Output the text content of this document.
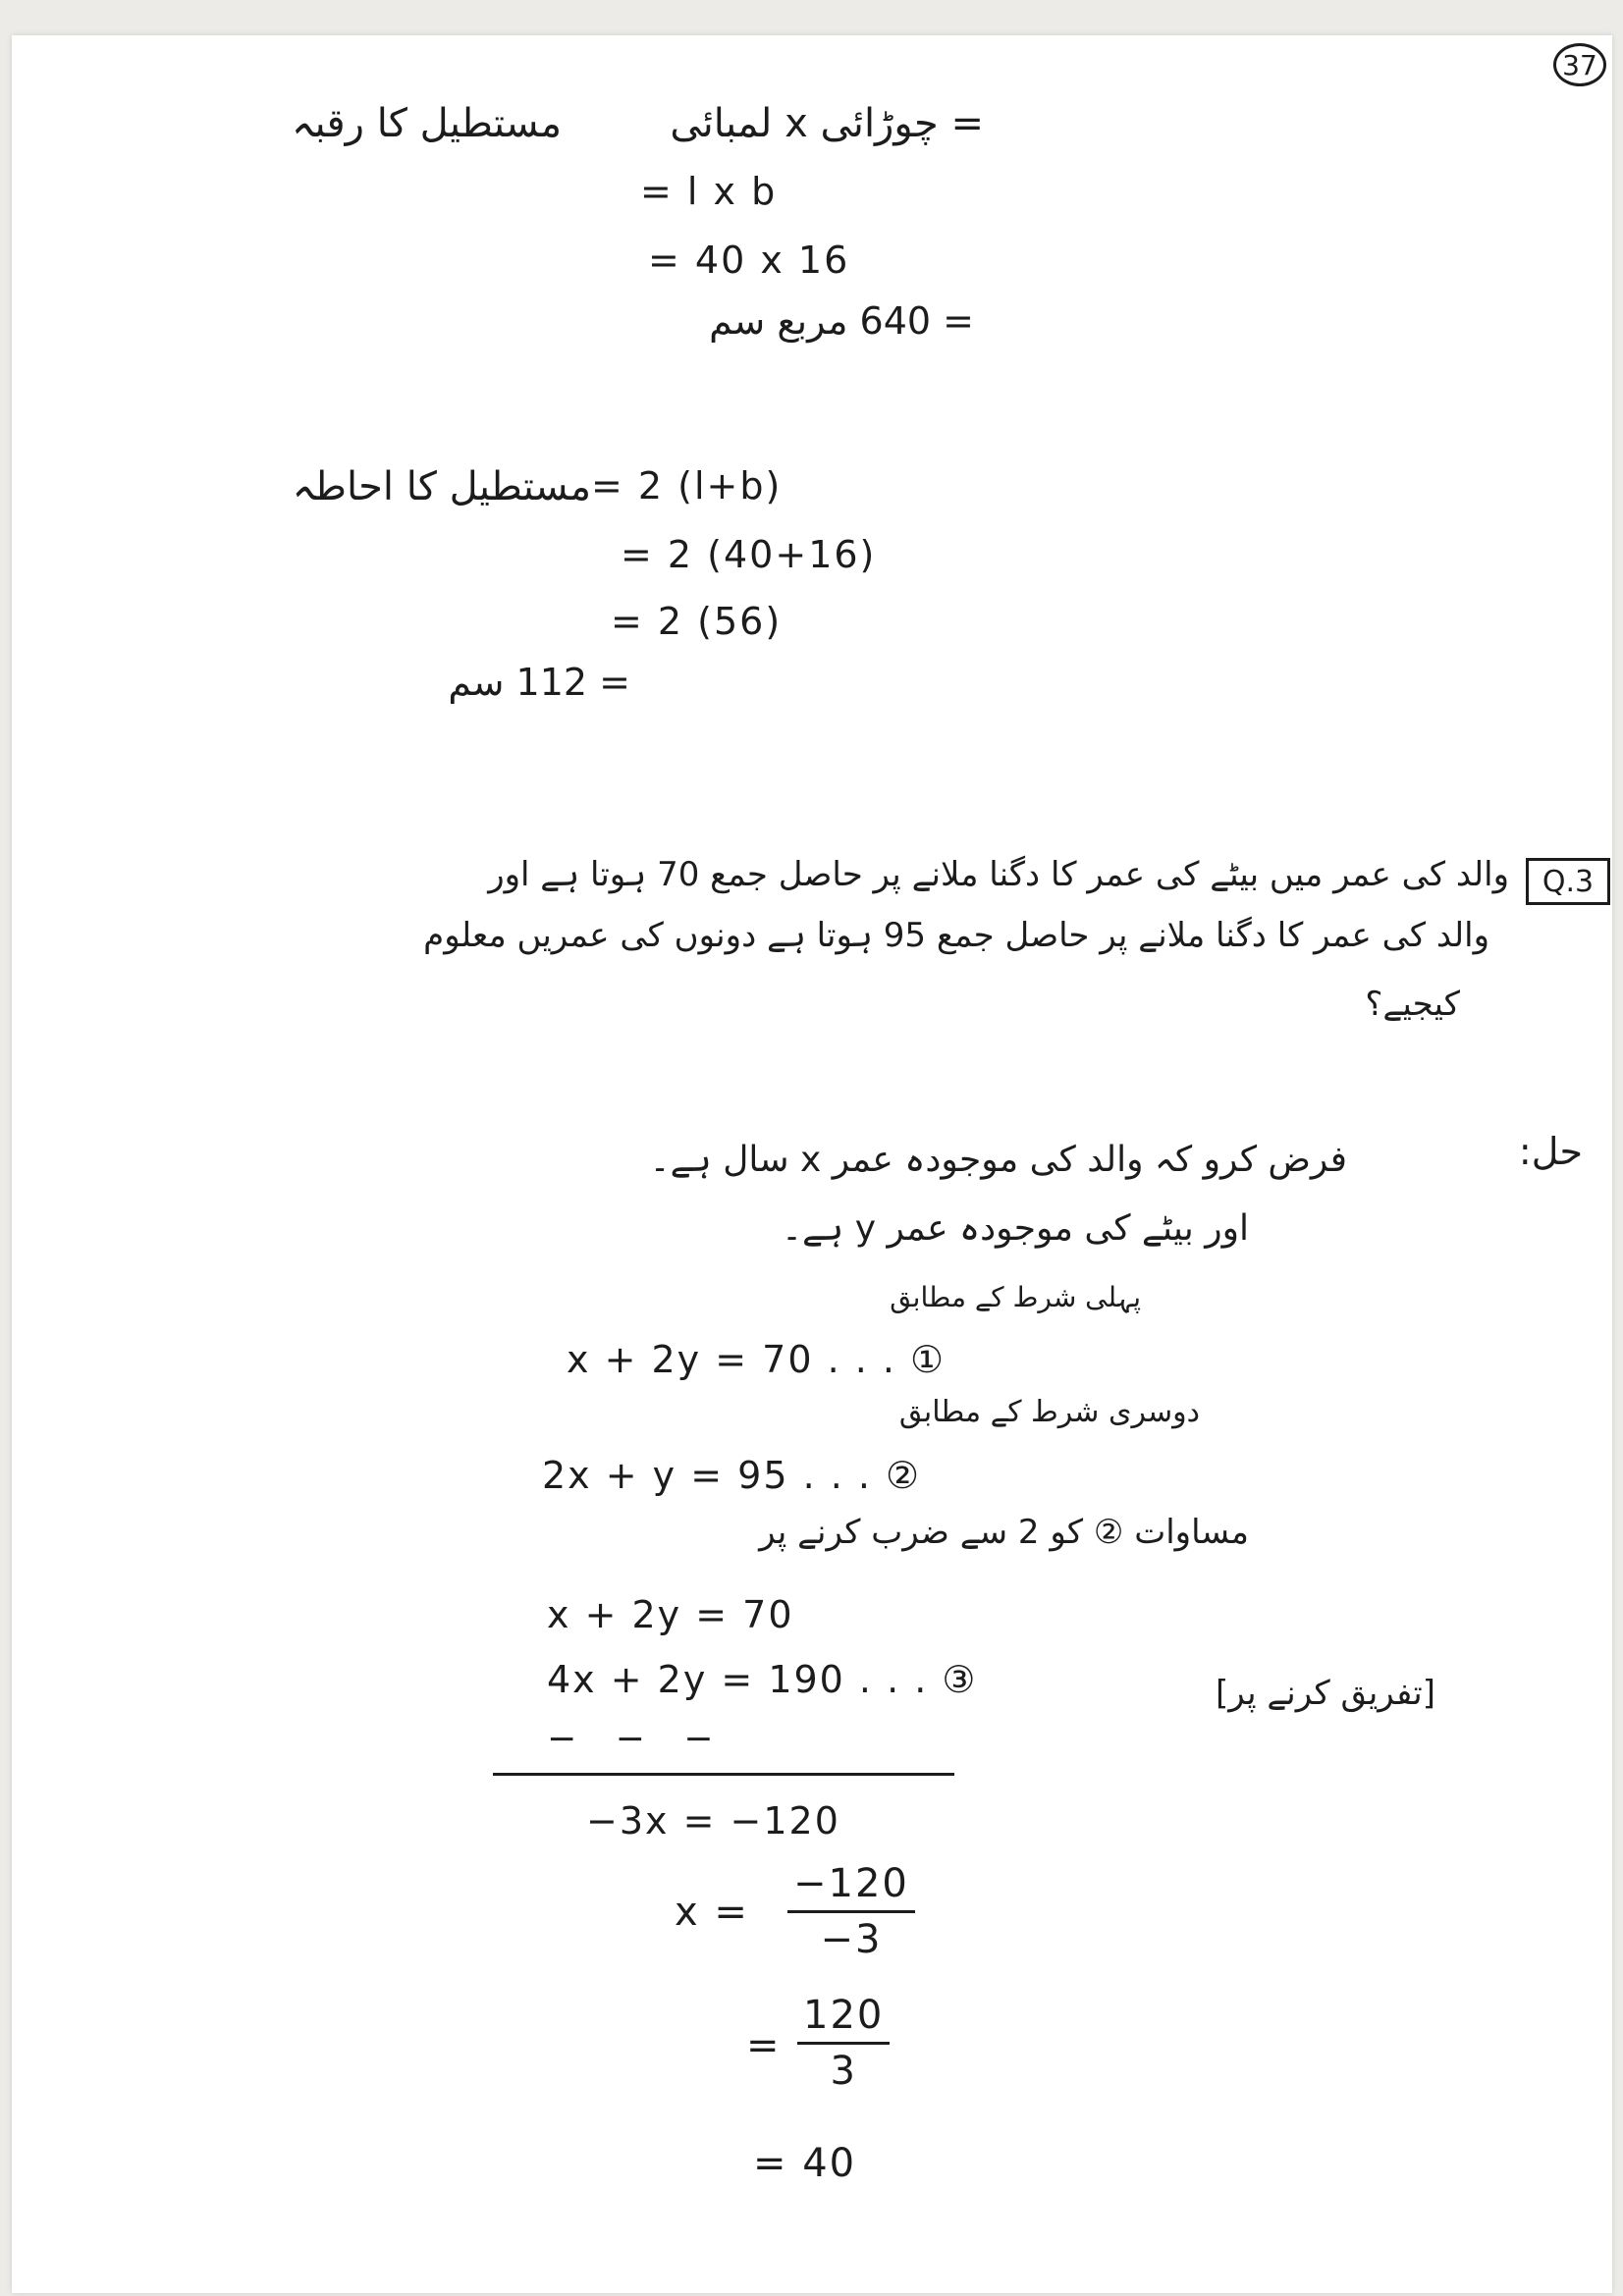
37
مستطیل کا رقبہ	= چوڑائی x لمبائی
= l x b
= 40 x 16
= 640 مربع سم
مستطیل کا احاطہ = 2 (l+b)
= 2 (40+16)
= 2 (56)
= 112 سم
Q.3
والد کی عمر میں بیٹے کی عمر کا دگنا ملانے پر حاصل جمع 70 ہوتا ہے اور
والد کی عمر کا دگنا ملانے پر حاصل جمع 95 ہوتا ہے دونوں کی عمریں معلوم
کیجیے؟
حل:
فرض کرو کہ والد کی موجودہ عمر x سال ہے۔
اور بیٹے کی موجودہ عمر y ہے۔
پہلی شرط کے مطابق
x + 2y = 70 . . . ①
دوسری شرط کے مطابق
2x + y = 95 . . . ②
مساوات ② کو 2 سے ضرب کرنے پر
x + 2y = 70
4x + 2y = 190 . . . ③	[تفریق کرنے پر]
− − −
−3x = −120
$x = \frac{-120}{-3}$
= $\frac{120}{3}$
= 40
